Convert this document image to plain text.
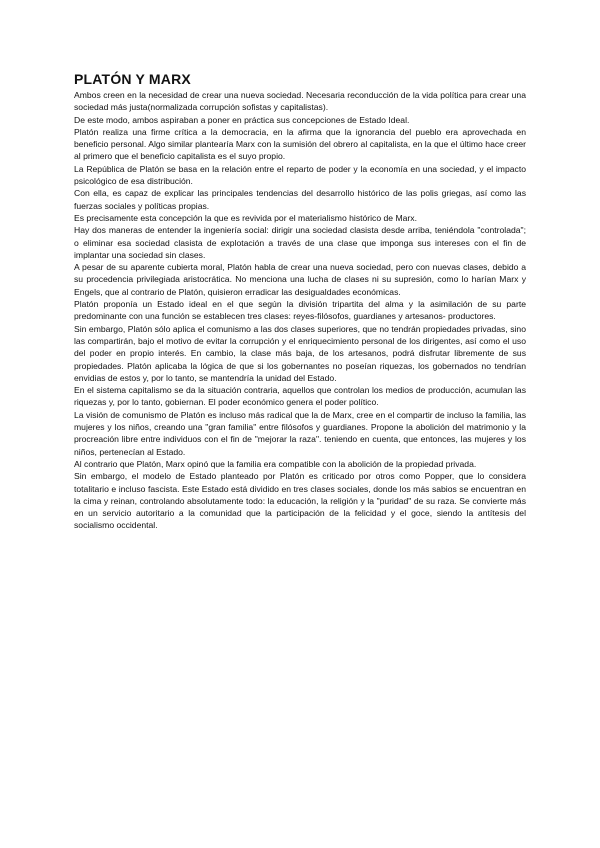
PLATÓN Y MARX

Ambos creen en la necesidad de crear una nueva sociedad. Necesaria reconducción de la vida política para crear una sociedad más justa(normalizada corrupción sofistas y capitalistas).

De este modo, ambos aspiraban a poner en práctica sus concepciones de Estado Ideal.

Platón realiza una firme crítica a la democracia, en la afirma que la ignorancia del pueblo era aprovechada en beneficio personal. Algo similar plantearía Marx con la sumisión del obrero al capitalista, en la que el último hace creer al primero que el beneficio capitalista es el suyo propio.

La República de Platón se basa en la relación entre el reparto de poder y la economía en una sociedad, y el impacto psicológico de esa distribución.

Con ella, es capaz de explicar las principales tendencias del desarrollo histórico de las polis griegas, así como las fuerzas sociales y políticas propias.

Es precisamente esta concepción la que es revivida por el materialismo histórico de Marx.

Hay dos maneras de entender la ingeniería social: dirigir una sociedad clasista desde arriba, teniéndola "controlada"; o eliminar esa sociedad clasista de explotación a través de una clase que imponga sus intereses con el fin de implantar una sociedad sin clases.

A pesar de su aparente cubierta moral, Platón habla de crear una nueva sociedad, pero con nuevas clases, debido a su procedencia privilegiada aristocrática. No menciona una lucha de clases ni su supresión, como lo harían Marx y Engels, que al contrario de Platón, quisieron erradicar las desigualdades económicas.

Platón proponía un Estado ideal en el que según la división tripartita del alma y la asimilación de su parte predominante con una función se establecen tres clases: reyes-filósofos, guardianes y artesanos- productores.

Sin embargo, Platón sólo aplica el comunismo a las dos clases superiores, que no tendrán propiedades privadas, sino las compartirán, bajo el motivo de evitar la corrupción y el enriquecimiento personal de los dirigentes, así como el uso del poder en propio interés. En cambio, la clase más baja, de los artesanos, podrá disfrutar libremente de sus propiedades. Platón aplicaba la lógica de que si los gobernantes no poseían riquezas, los gobernados no tendrían envidias de estos y, por lo tanto, se mantendría la unidad del Estado.

En el sistema capitalismo se da la situación contraria, aquellos que controlan los medios de producción, acumulan las riquezas y, por lo tanto, gobiernan. El poder económico genera el poder político.

La visión de comunismo de Platón es incluso más radical que la de Marx, cree en el compartir de incluso la familia, las mujeres y los niños, creando una "gran familia" entre filósofos y guardianes. Propone la abolición del matrimonio y la procreación libre entre individuos con el fin de "mejorar la raza". teniendo en cuenta, que entonces, las mujeres y los niños, pertenecían al Estado.

Al contrario que Platón, Marx opinó que la familia era compatible con la abolición de la propiedad privada.

Sin embargo, el modelo de Estado planteado por Platón es criticado por otros como Popper, que lo considera totalitario e incluso fascista. Este Estado está dividido en tres clases sociales, donde los más sabios se encuentran en la cima y reinan, controlando absolutamente todo: la educación, la religión y la "puridad" de su raza. Se convierte más en un servicio autoritario a la comunidad que la participación de la felicidad y el goce, siendo la antítesis del socialismo occidental.
